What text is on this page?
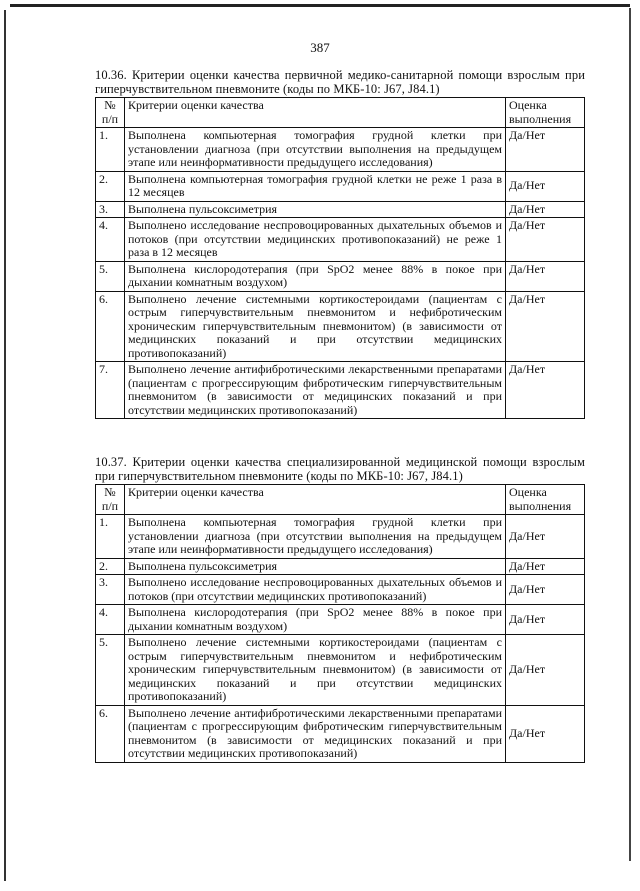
387

10.36. Критерии оценки качества первичной медико-санитарной помощи взрослым при гиперчувствительном пневмоните (коды по МКБ-10: J67, J84.1)

№ п/п	Критерии оценки качества	Оценка выполнения
1.	Выполнена компьютерная томография грудной клетки при установлении диагноза (при отсутствии выполнения на предыдущем этапе или неинформативности предыдущего исследования)	Да/Нет
2.	Выполнена компьютерная томография грудной клетки не реже 1 раза в 12 месяцев	Да/Нет
3.	Выполнена пульсоксиметрия	Да/Нет
4.	Выполнено исследование неспровоцированных дыхательных объемов и потоков (при отсутствии медицинских противопоказаний) не реже 1 раза в 12 месяцев	Да/Нет
5.	Выполнена кислородотерапия (при SpO2 менее 88% в покое при дыхании комнатным воздухом)	Да/Нет
6.	Выполнено лечение системными кортикостероидами (пациентам с острым гиперчувствительным пневмонитом и нефибротическим хроническим гиперчувствительным пневмонитом) (в зависимости от медицинских показаний и при отсутствии медицинских противопоказаний)	Да/Нет
7.	Выполнено лечение антифибротическими лекарственными препаратами (пациентам с прогрессирующим фибротическим гиперчувствительным пневмонитом (в зависимости от медицинских показаний и при отсутствии медицинских противопоказаний)	Да/Нет

10.37. Критерии оценки качества специализированной медицинской помощи взрослым при гиперчувствительном пневмоните (коды по МКБ-10: J67, J84.1)

№ п/п	Критерии оценки качества	Оценка выполнения
1.	Выполнена компьютерная томография грудной клетки при установлении диагноза (при отсутствии выполнения на предыдущем этапе или неинформативности предыдущего исследования)	Да/Нет
2.	Выполнена пульсоксиметрия	Да/Нет
3.	Выполнено исследование неспровоцированных дыхательных объемов и потоков (при отсутствии медицинских противопоказаний)	Да/Нет
4.	Выполнена кислородотерапия (при SpO2 менее 88% в покое при дыхании комнатным воздухом)	Да/Нет
5.	Выполнено лечение системными кортикостероидами (пациентам с острым гиперчувствительным пневмонитом и нефибротическим хроническим гиперчувствительным пневмонитом) (в зависимости от медицинских показаний и при отсутствии медицинских противопоказаний)	Да/Нет
6.	Выполнено лечение антифибротическими лекарственными препаратами (пациентам с прогрессирующим фибротическим гиперчувствительным пневмонитом (в зависимости от медицинских показаний и при отсутствии медицинских противопоказаний)	Да/Нет
